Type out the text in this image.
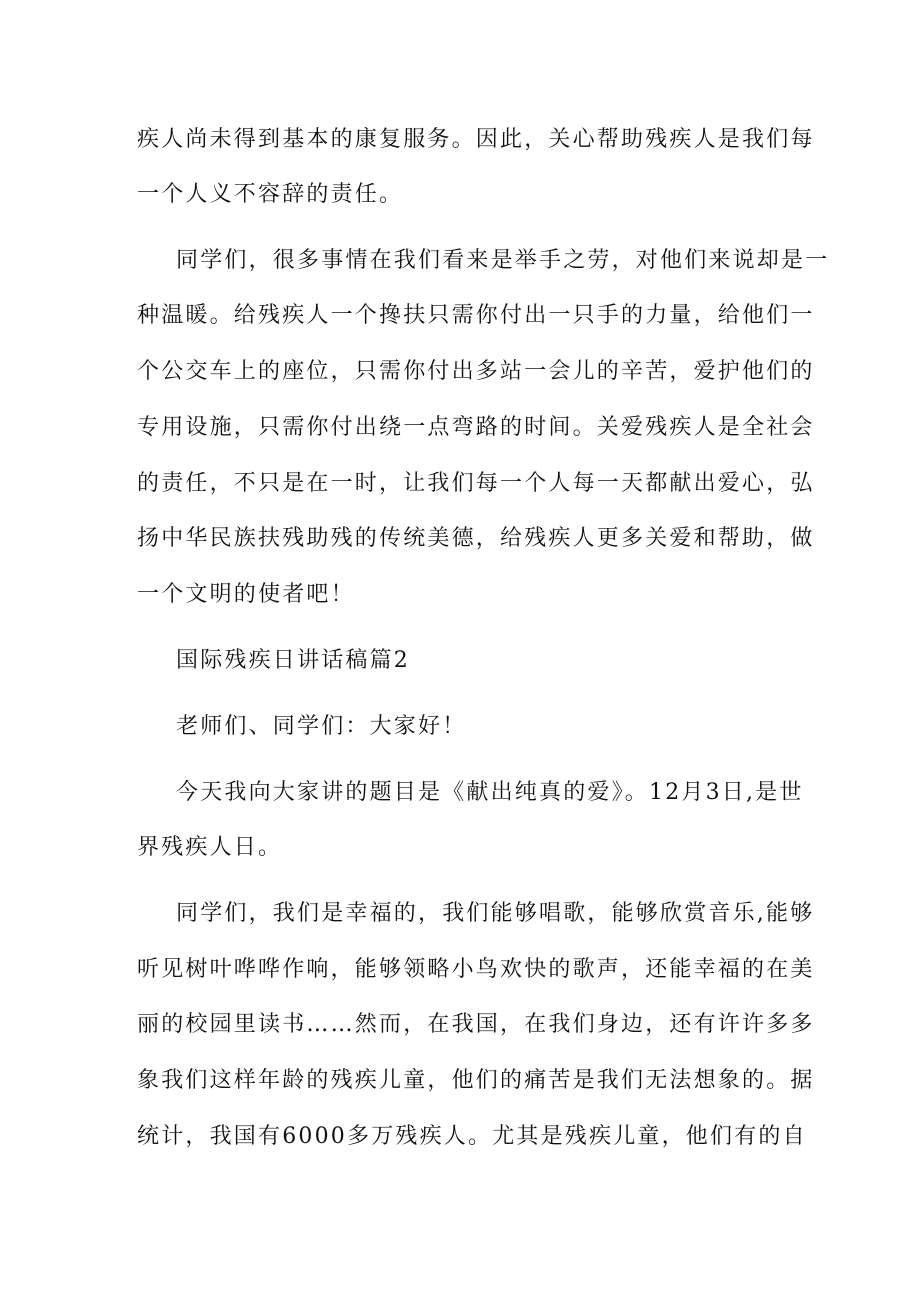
疾人尚未得到基本的康复服务。因此，关心帮助残疾人是我们每
一个人义不容辞的责任。
同学们，很多事情在我们看来是举手之劳，对他们来说却是一
种温暖。给残疾人一个搀扶只需你付出一只手的力量，给他们一
个公交车上的座位，只需你付出多站一会儿的辛苦，爱护他们的
专用设施，只需你付出绕一点弯路的时间。关爱残疾人是全社会
的责任，不只是在一时，让我们每一个人每一天都献出爱心，弘
扬中华民族扶残助残的传统美德，给残疾人更多关爱和帮助，做
一个文明的使者吧！
国际残疾日讲话稿篇2
老师们、同学们：大家好！
今天我向大家讲的题目是《献出纯真的爱》。12月3日,是世
界残疾人日。
同学们，我们是幸福的，我们能够唱歌，能够欣赏音乐,能够
听见树叶哗哗作响，能够领略小鸟欢快的歌声，还能幸福的在美
丽的校园里读书……然而，在我国，在我们身边，还有许许多多
象我们这样年龄的残疾儿童，他们的痛苦是我们无法想象的。据
统计，我国有6000多万残疾人。尤其是残疾儿童，他们有的自
